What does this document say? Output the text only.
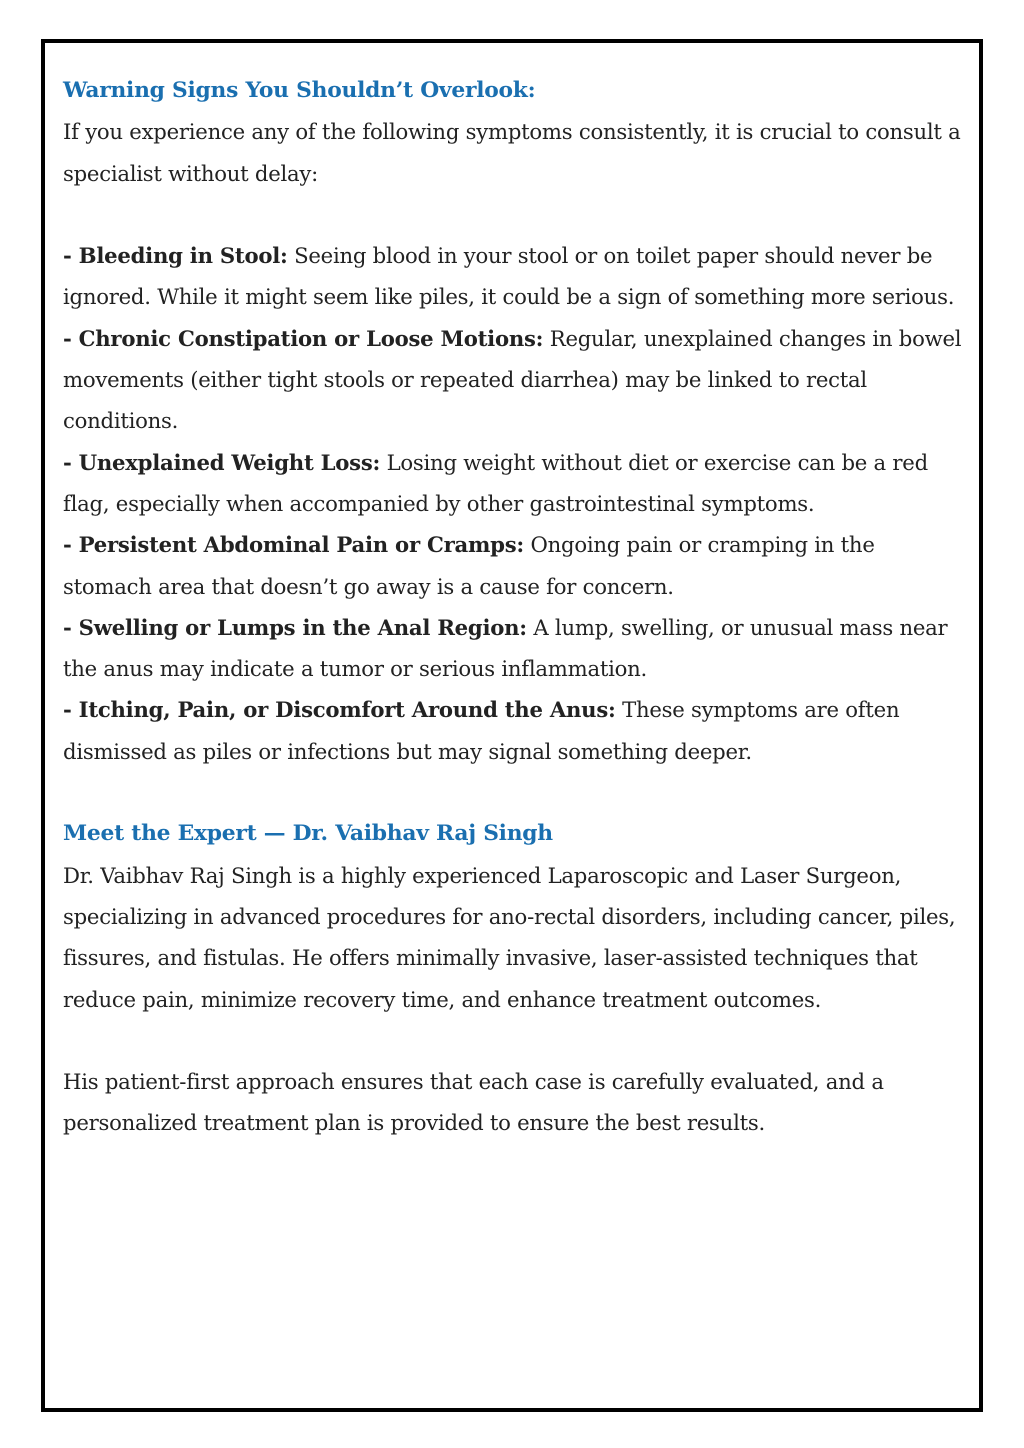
Warning Signs You Shouldn’t Overlook:

If you experience any of the following symptoms consistently, it is crucial to consult a specialist without delay:

- Bleeding in Stool: Seeing blood in your stool or on toilet paper should never be ignored. While it might seem like piles, it could be a sign of something more serious.
- Chronic Constipation or Loose Motions: Regular, unexplained changes in bowel movements (either tight stools or repeated diarrhea) may be linked to rectal conditions.
- Unexplained Weight Loss: Losing weight without diet or exercise can be a red flag, especially when accompanied by other gastrointestinal symptoms.
- Persistent Abdominal Pain or Cramps: Ongoing pain or cramping in the stomach area that doesn’t go away is a cause for concern.
- Swelling or Lumps in the Anal Region: A lump, swelling, or unusual mass near the anus may indicate a tumor or serious inflammation.
- Itching, Pain, or Discomfort Around the Anus: These symptoms are often dismissed as piles or infections but may signal something deeper.
Meet the Expert — Dr. Vaibhav Raj Singh

Dr. Vaibhav Raj Singh is a highly experienced Laparoscopic and Laser Surgeon, specializing in advanced procedures for ano-rectal disorders, including cancer, piles, fissures, and fistulas. He offers minimally invasive, laser-assisted techniques that reduce pain, minimize recovery time, and enhance treatment outcomes.

His patient-first approach ensures that each case is carefully evaluated, and a personalized treatment plan is provided to ensure the best results.
